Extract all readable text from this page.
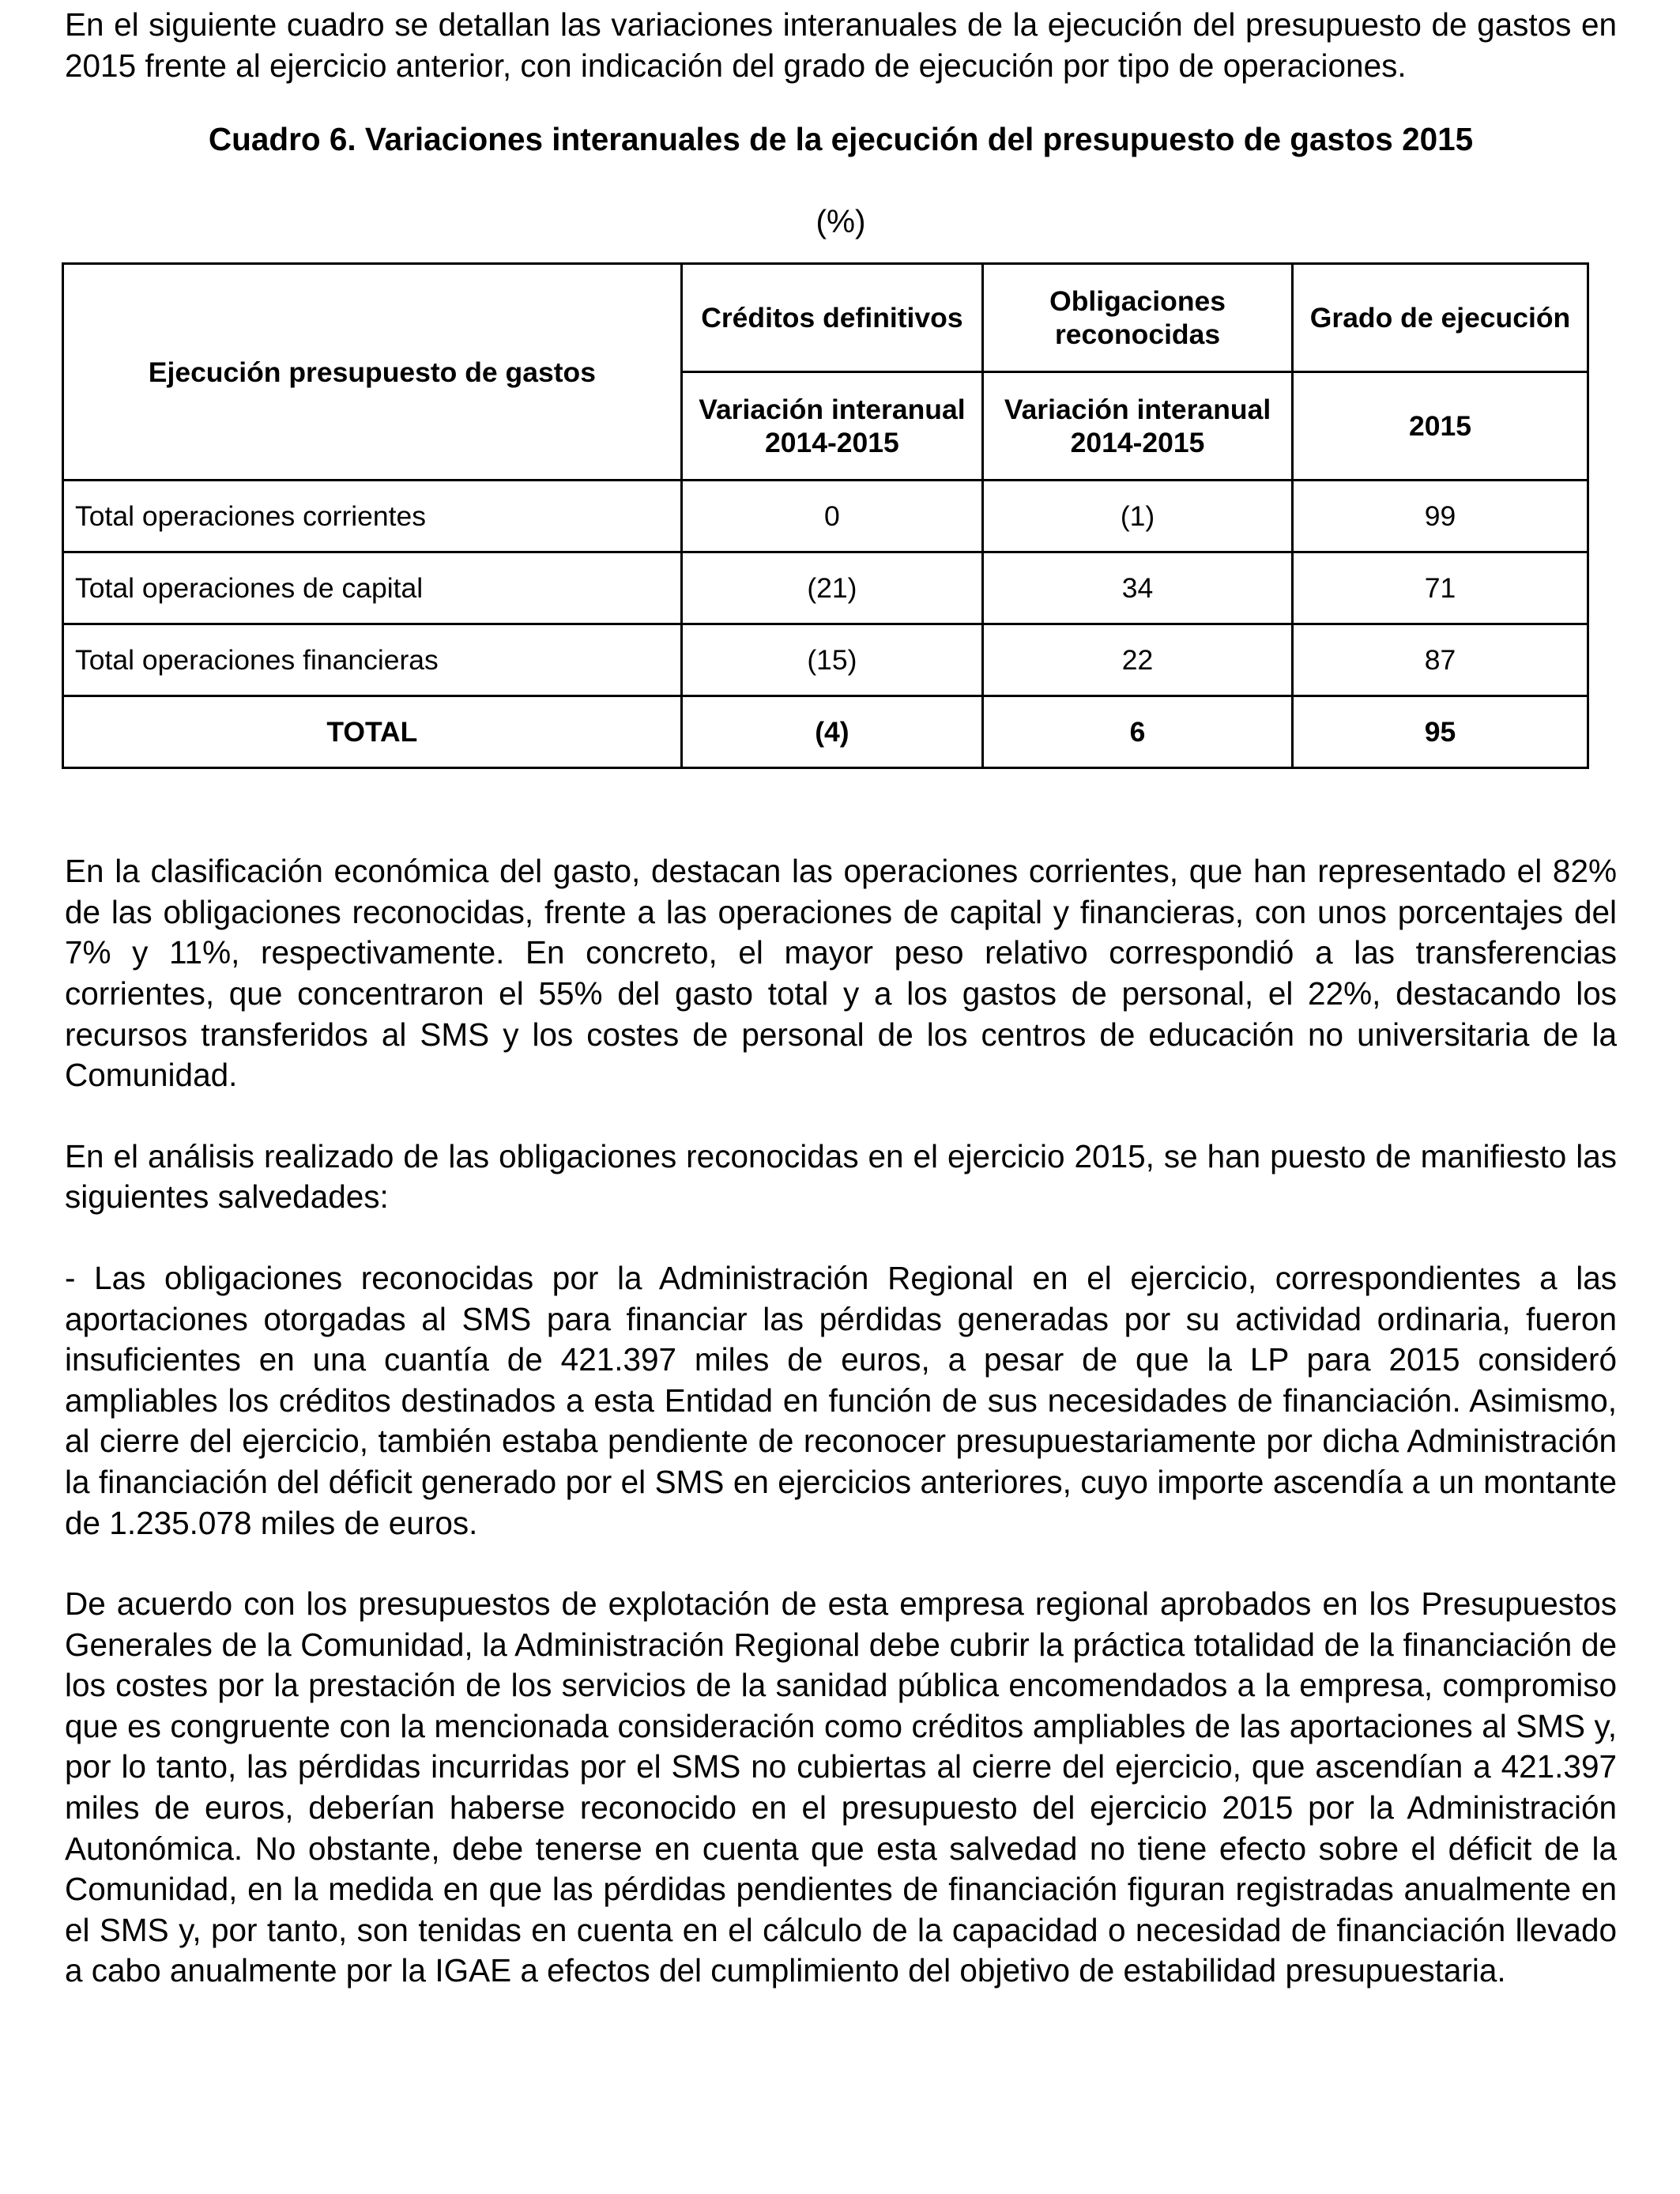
En el siguiente cuadro se detallan las variaciones interanuales de la ejecución del presupuesto de gastos en 2015 frente al ejercicio anterior, con indicación del grado de ejecución por tipo de operaciones.

Cuadro 6. Variaciones interanuales de la ejecución del presupuesto de gastos 2015
(%)
Ejecución presupuesto de gastos	Créditos definitivos	Obligaciones reconocidas	Grado de ejecución
	Variación interanual 2014-2015	Variación interanual 2014-2015	2015
Total operaciones corrientes	0	(1)	99
Total operaciones de capital	(21)	34	71
Total operaciones financieras	(15)	22	87
TOTAL	(4)	6	95

En la clasificación económica del gasto, destacan las operaciones corrientes, que han representado el 82% de las obligaciones reconocidas, frente a las operaciones de capital y financieras, con unos porcentajes del 7% y 11%, respectivamente. En concreto, el mayor peso relativo correspondió a las transferencias corrientes, que concentraron el 55% del gasto total y a los gastos de personal, el 22%, destacando los recursos transferidos al SMS y los costes de personal de los centros de educación no universitaria de la Comunidad.

En el análisis realizado de las obligaciones reconocidas en el ejercicio 2015, se han puesto de manifiesto las siguientes salvedades:

- Las obligaciones reconocidas por la Administración Regional en el ejercicio, correspondientes a las aportaciones otorgadas al SMS para financiar las pérdidas generadas por su actividad ordinaria, fueron insuficientes en una cuantía de 421.397 miles de euros, a pesar de que la LP para 2015 consideró ampliables los créditos destinados a esta Entidad en función de sus necesidades de financiación. Asimismo, al cierre del ejercicio, también estaba pendiente de reconocer presupuestariamente por dicha Administración la financiación del déficit generado por el SMS en ejercicios anteriores, cuyo importe ascendía a un montante de 1.235.078 miles de euros.

De acuerdo con los presupuestos de explotación de esta empresa regional aprobados en los Presupuestos Generales de la Comunidad, la Administración Regional debe cubrir la práctica totalidad de la financiación de los costes por la prestación de los servicios de la sanidad pública encomendados a la empresa, compromiso que es congruente con la mencionada consideración como créditos ampliables de las aportaciones al SMS y, por lo tanto, las pérdidas incurridas por el SMS no cubiertas al cierre del ejercicio, que ascendían a 421.397 miles de euros, deberían haberse reconocido en el presupuesto del ejercicio 2015 por la Administración Autonómica. No obstante, debe tenerse en cuenta que esta salvedad no tiene efecto sobre el déficit de la Comunidad, en la medida en que las pérdidas pendientes de financiación figuran registradas anualmente en el SMS y, por tanto, son tenidas en cuenta en el cálculo de la capacidad o necesidad de financiación llevado a cabo anualmente por la IGAE a efectos del cumplimiento del objetivo de estabilidad presupuestaria.
